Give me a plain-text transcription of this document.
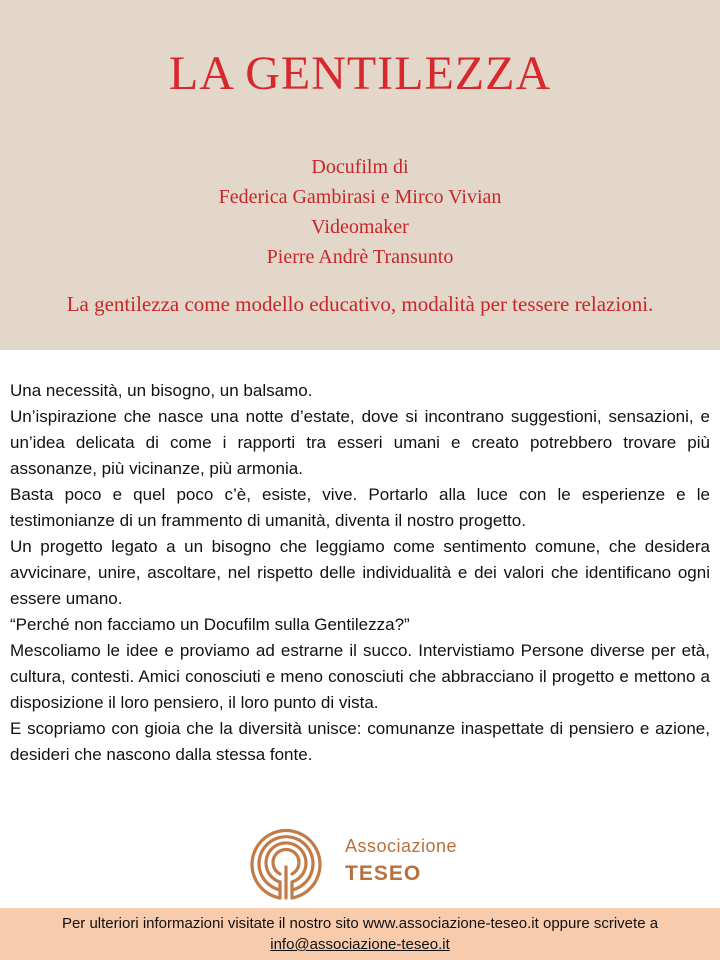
LA GENTILEZZA
Docufilm di
Federica Gambirasi e Mirco Vivian
Videomaker
Pierre Andrè Transunto
La gentilezza come modello educativo, modalità per tessere relazioni.

Una necessità, un bisogno, un balsamo.

Un’ispirazione che nasce una notte d’estate, dove si incontrano suggestioni, sensazioni, e un’idea delicata di come i rapporti tra esseri umani e creato potrebbero trovare più assonanze, più vicinanze, più armonia.

Basta poco e quel poco c’è, esiste, vive. Portarlo alla luce con le esperienze e le testimonianze di un frammento di umanità, diventa il nostro progetto.

Un progetto legato a un bisogno che leggiamo come sentimento comune, che desidera avvicinare, unire, ascoltare, nel rispetto delle individualità e dei valori che identificano ogni essere umano.

“Perché non facciamo un Docufilm sulla Gentilezza?”

Mescoliamo le idee e proviamo ad estrarne il succo. Intervistiamo Persone diverse per età, cultura, contesti. Amici conosciuti e meno conosciuti che abbracciano il progetto e mettono a disposizione il loro pensiero, il loro punto di vista.

E scopriamo con gioia che la diversità unisce: comunanze inaspettate di pensiero e azione, desideri che nascono dalla stessa fonte.

Associazione
TESEO
Per ulteriori informazioni visitate il nostro sito www.associazione-teseo.it oppure scrivete a
info@associazione-teseo.it
